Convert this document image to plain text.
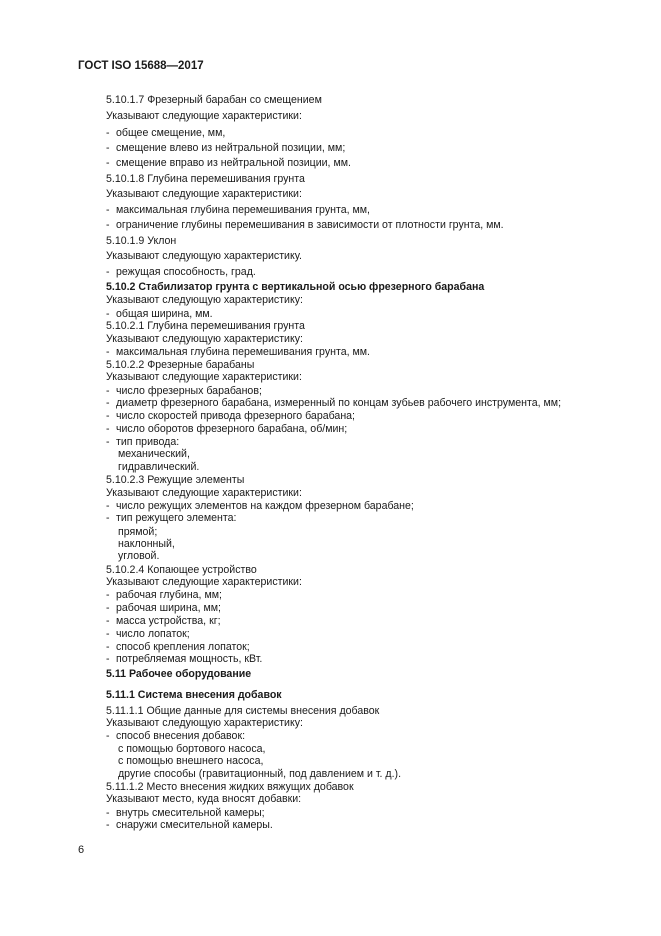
ГОСТ ISO 15688—2017
5.10.1.7 Фрезерный барабан со смещением
Указывают следующие характеристики:
- общее смещение, мм,
- смещение влево из нейтральной позиции, мм;
- смещение вправо из нейтральной позиции, мм.
5.10.1.8 Глубина перемешивания грунта
Указывают следующие характеристики:
- максимальная глубина перемешивания грунта, мм,
- ограничение глубины перемешивания в зависимости от плотности грунта, мм.
5.10.1.9 Уклон
Указывают следующую характеристику.
- режущая способность, град.
5.10.2 Стабилизатор грунта с вертикальной осью фрезерного барабана
Указывают следующую характеристику:
- общая ширина, мм.
5.10.2.1 Глубина перемешивания грунта
Указывают следующую характеристику:
- максимальная глубина перемешивания грунта, мм.
5.10.2.2 Фрезерные барабаны
Указывают следующие характеристики:
- число фрезерных барабанов;
- диаметр фрезерного барабана, измеренный по концам зубьев рабочего инструмента, мм;
- число скоростей привода фрезерного барабана;
- число оборотов фрезерного барабана, об/мин;
- тип привода:
механический,
гидравлический.
5.10.2.3 Режущие элементы
Указывают следующие характеристики:
- число режущих элементов на каждом фрезерном барабане;
- тип режущего элемента:
прямой;
наклонный,
угловой.
5.10.2.4 Копающее устройство
Указывают следующие характеристики:
- рабочая глубина, мм;
- рабочая ширина, мм;
- масса устройства, кг;
- число лопаток;
- способ крепления лопаток;
- потребляемая мощность, кВт.
5.11 Рабочее оборудование
5.11.1 Система внесения добавок
5.11.1.1 Общие данные для системы внесения добавок
Указывают следующую характеристику:
- способ внесения добавок:
с помощью бортового насоса,
с помощью внешнего насоса,
другие способы (гравитационный, под давлением и т. д.).
5.11.1.2 Место внесения жидких вяжущих добавок
Указывают место, куда вносят добавки:
- внутрь смесительной камеры;
- снаружи смесительной камеры.
6
